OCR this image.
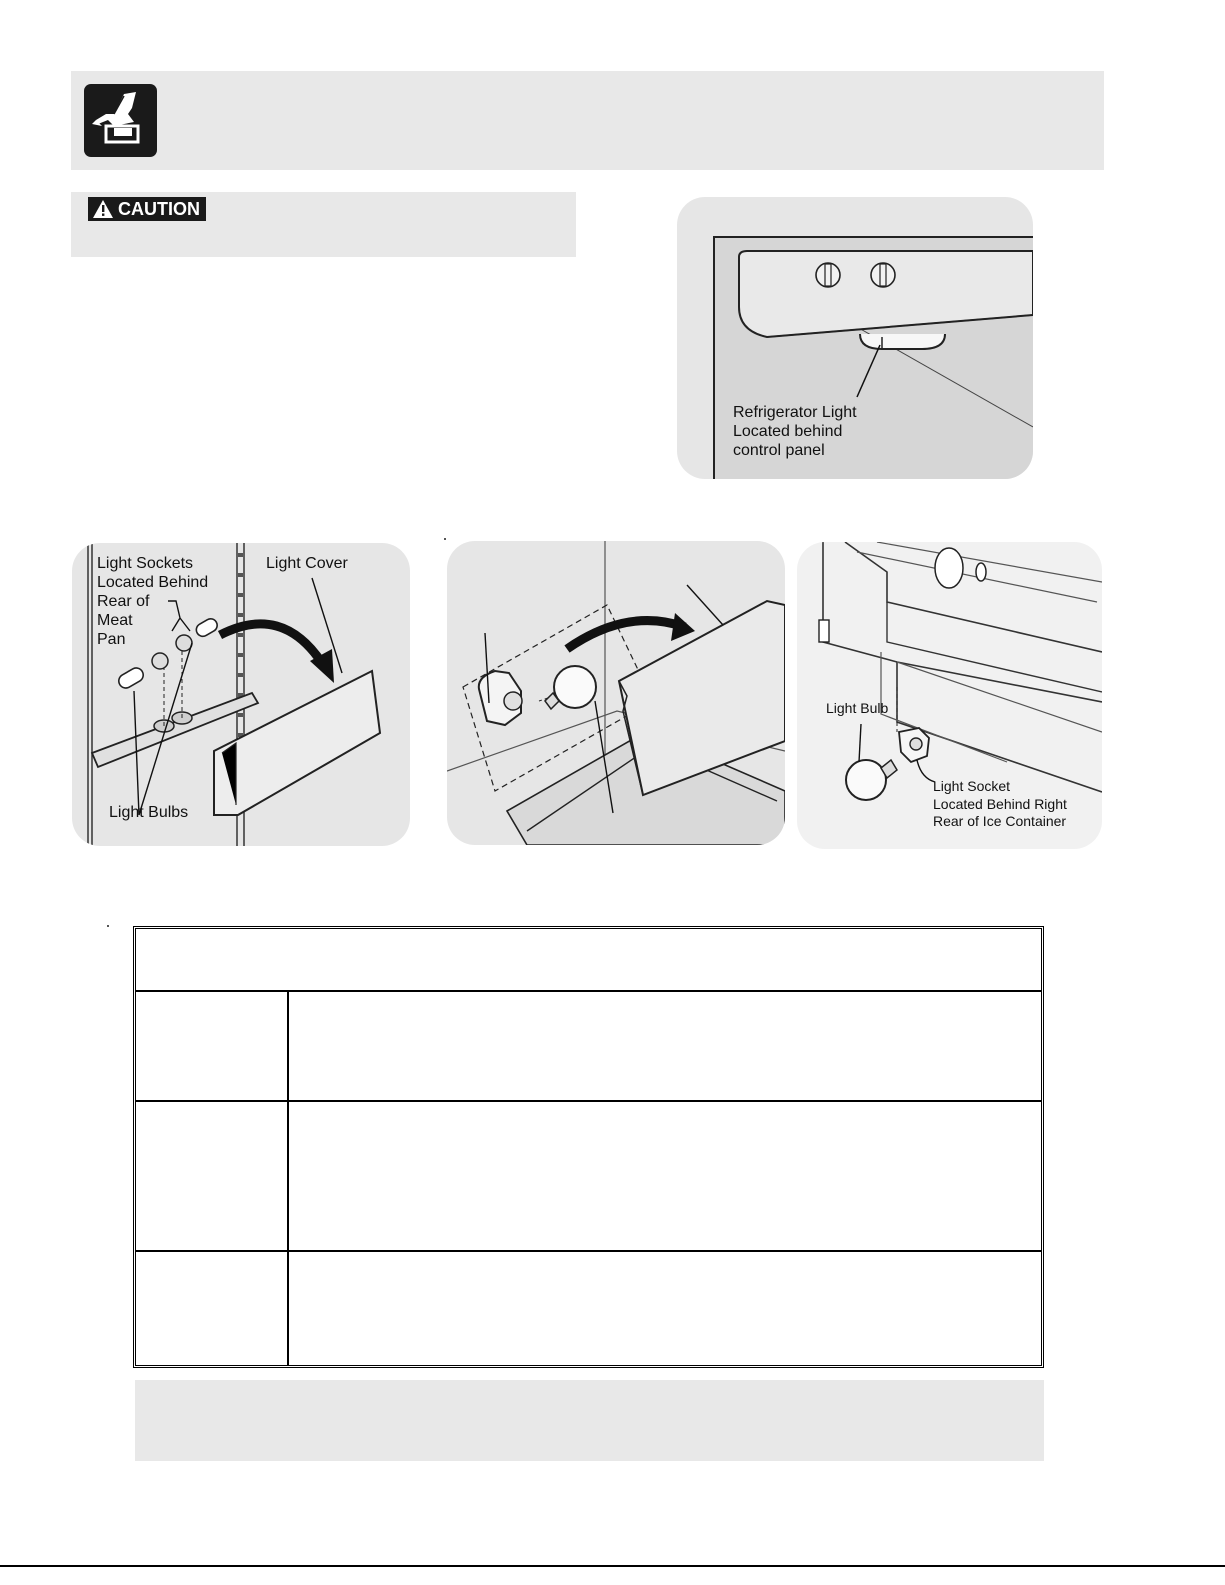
CAUTION
Refrigerator Light
Located behind
control panel
Light Sockets
Located Behind
Rear of
Meat
Pan
Light Cover
Light Bulbs
Light Bulb
Light Socket
Located Behind Right
Rear of Ice Container
